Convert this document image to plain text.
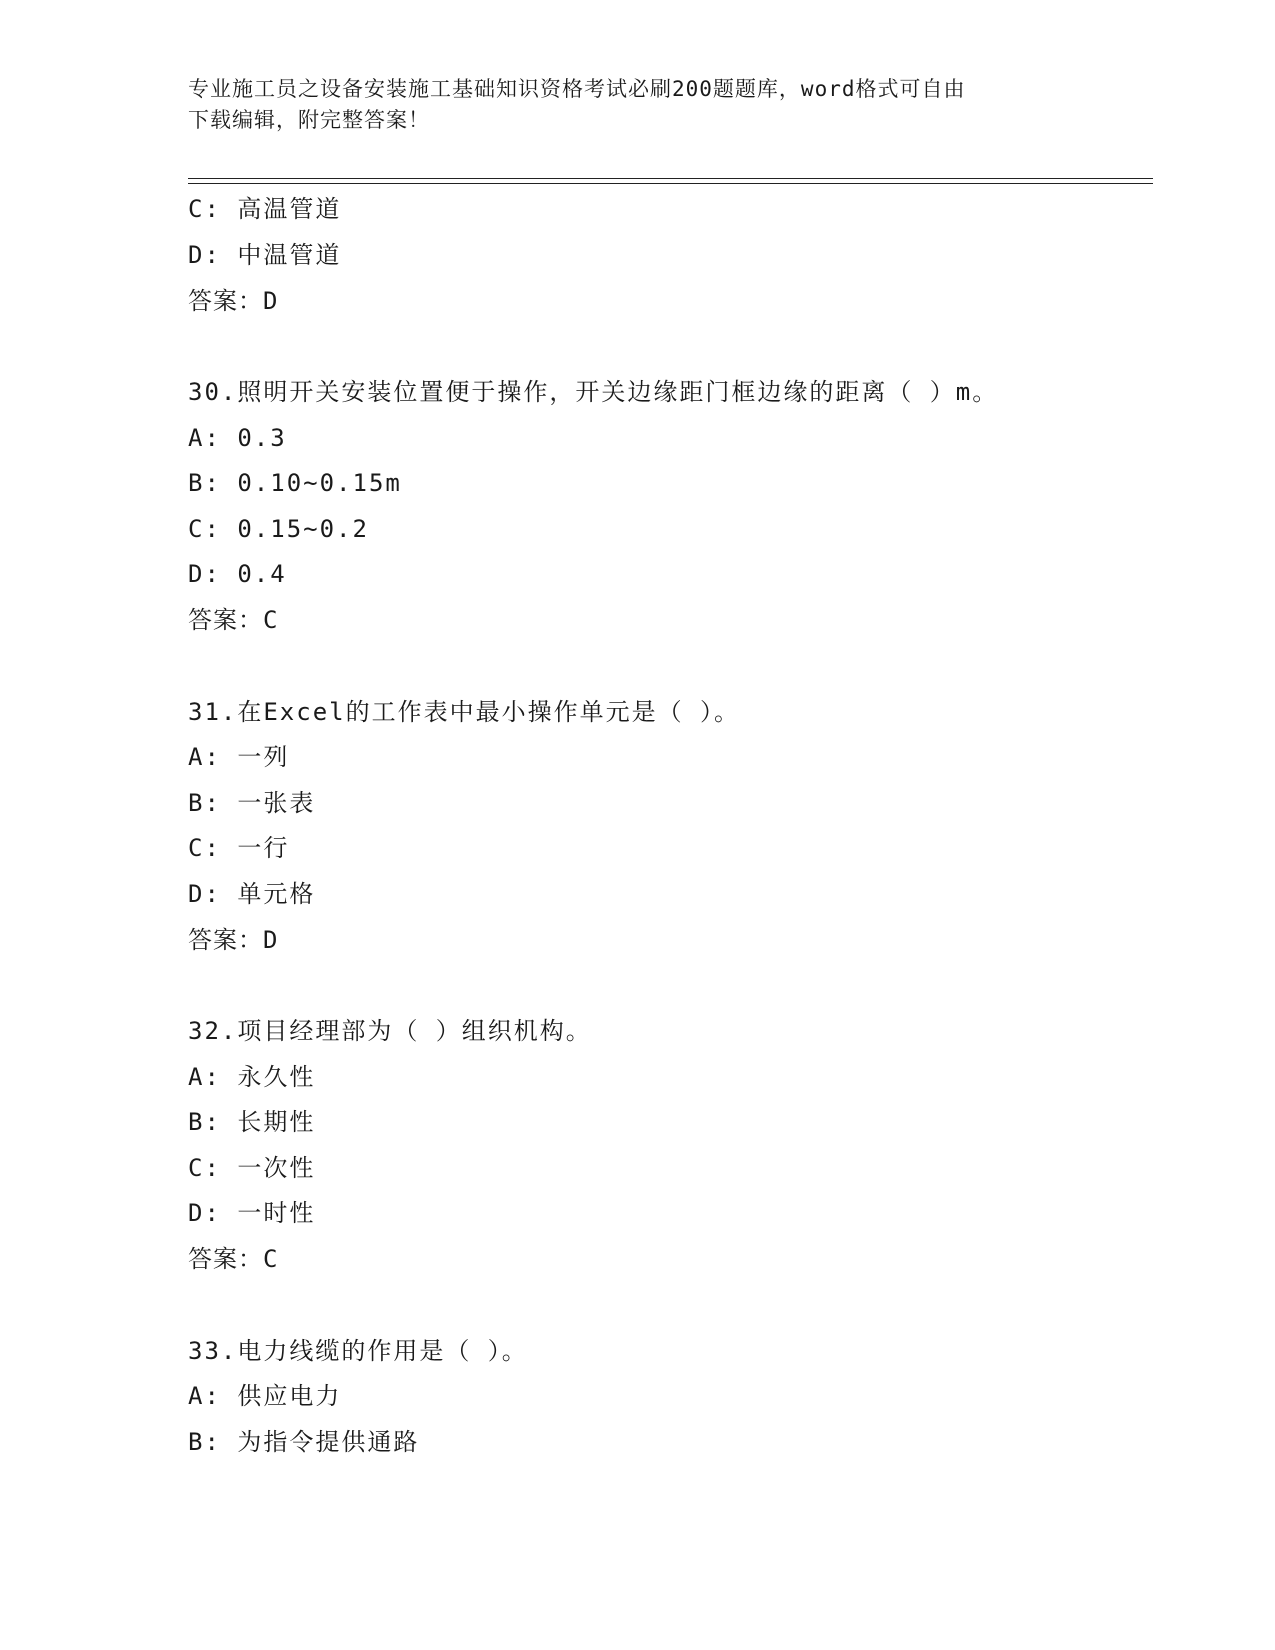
专业施工员之设备安装施工基础知识资格考试必刷200题题库，word格式可自由
下载编辑，附完整答案！
C: 高温管道
D: 中温管道
答案：D
30.照明开关安装位置便于操作，开关边缘距门框边缘的距离（ ）m。
A: 0.3
B: 0.10~0.15m
C: 0.15~0.2
D: 0.4
答案：C
31.在Excel的工作表中最小操作单元是（ ）。
A: 一列
B: 一张表
C: 一行
D: 单元格
答案：D
32.项目经理部为（ ）组织机构。
A: 永久性
B: 长期性
C: 一次性
D: 一时性
答案：C
33.电力线缆的作用是（ ）。
A: 供应电力
B: 为指令提供通路
